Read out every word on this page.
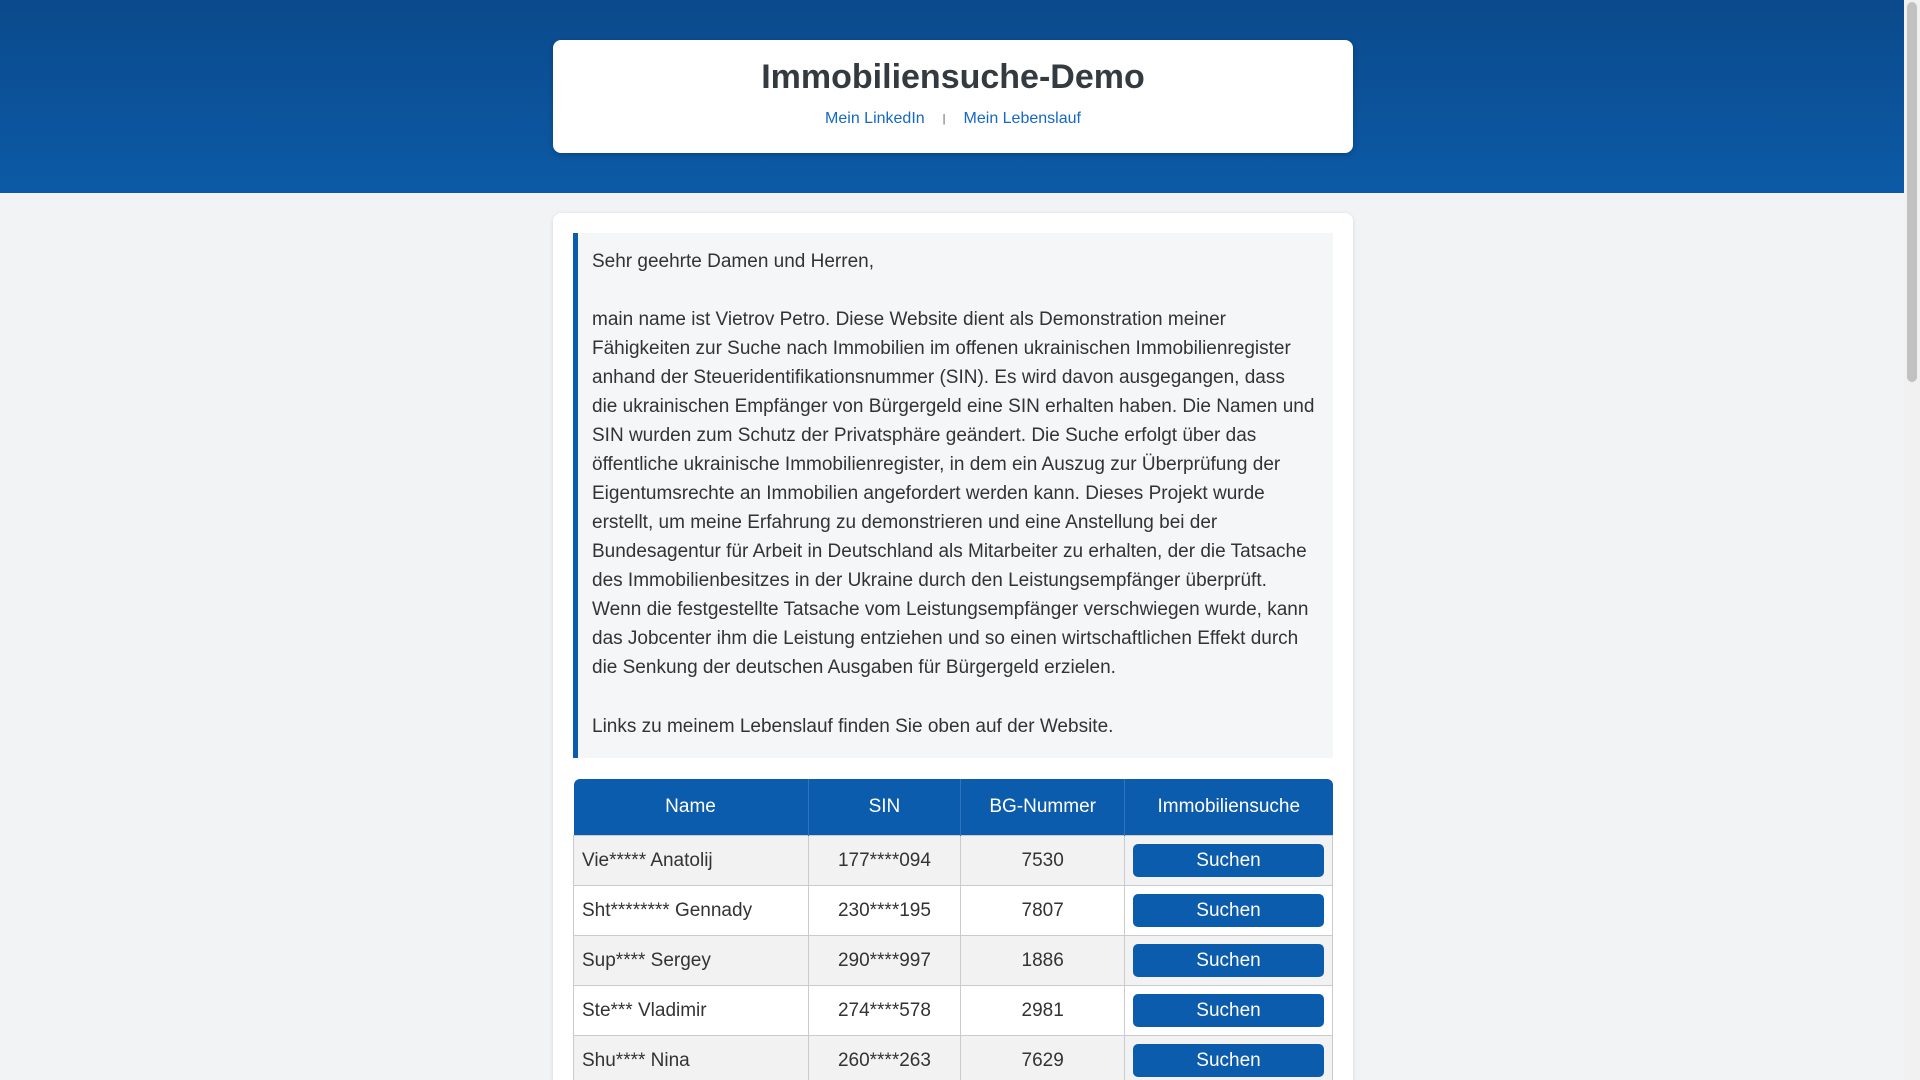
Immobiliensuche-Demo
Mein LinkedIn | Mein Lebenslauf

Sehr geehrte Damen und Herren,

main name ist Vietrov Petro. Diese Website dient als Demonstration meiner Fähigkeiten zur Suche nach Immobilien im offenen ukrainischen Immobilienregister anhand der Steueridentifikationsnummer (SIN). Es wird davon ausgegangen, dass die ukrainischen Empfänger von Bürgergeld eine SIN erhalten haben. Die Namen und SIN wurden zum Schutz der Privatsphäre geändert. Die Suche erfolgt über das öffentliche ukrainische Immobilienregister, in dem ein Auszug zur Überprüfung der Eigentumsrechte an Immobilien angefordert werden kann. Dieses Projekt wurde erstellt, um meine Erfahrung zu demonstrieren und eine Anstellung bei der Bundesagentur für Arbeit in Deutschland als Mitarbeiter zu erhalten, der die Tatsache des Immobilienbesitzes in der Ukraine durch den Leistungsempfänger überprüft. Wenn die festgestellte Tatsache vom Leistungsempfänger verschwiegen wurde, kann das Jobcenter ihm die Leistung entziehen und so einen wirtschaftlichen Effekt durch die Senkung der deutschen Ausgaben für Bürgergeld erzielen.

Links zu meinem Lebenslauf finden Sie oben auf der Website.

Name	SIN	BG-Nummer	Immobiliensuche
Vie***** Anatolij	177****094	7530	Suchen

Sht******** Gennady	230****195	7807	Suchen

Sup**** Sergey	290****997	1886	Suchen

Ste*** Vladimir	274****578	2981	Suchen

Shu**** Nina	260****263	7629	Suchen
